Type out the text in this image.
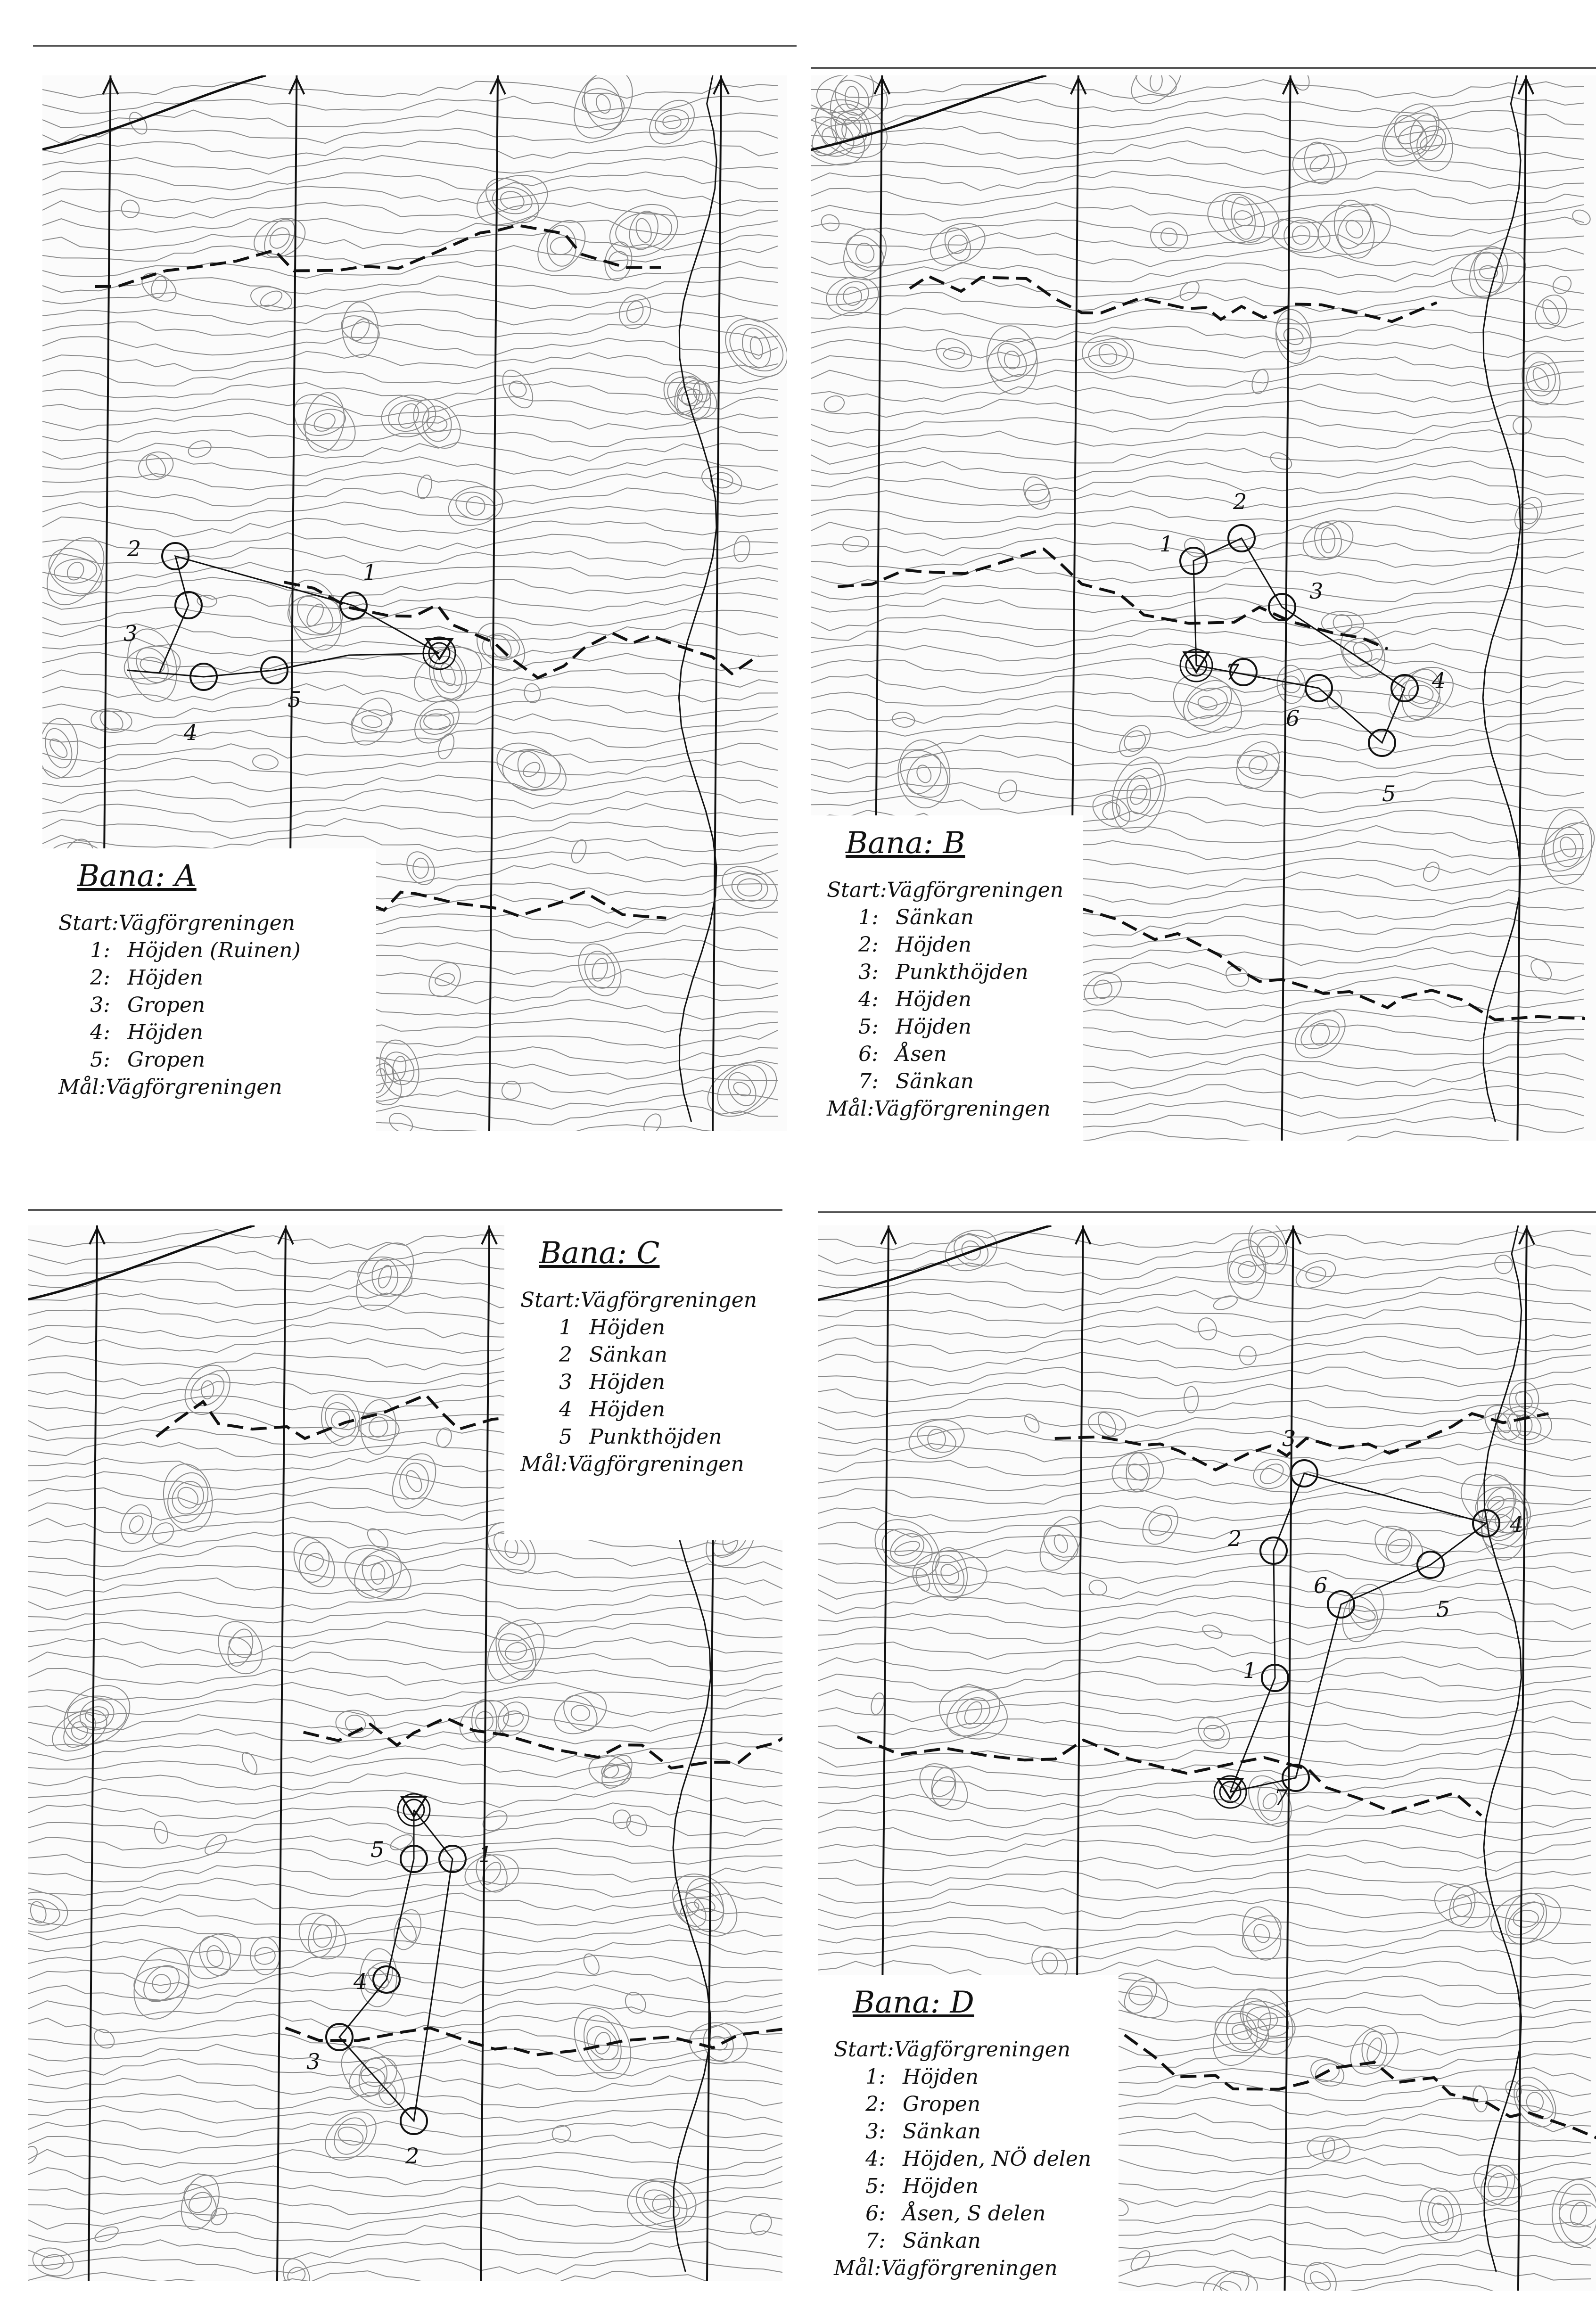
1
2
3
4
5
Bana: A
Start: Vägförgreningen
1: Höjden (Ruinen)
2: Höjden
3: Gropen
4: Höjden
5: Gropen
Mål: Vägförgreningen
1
2
3
4
5
6
7
Bana: B
Start: Vägförgreningen
1: Sänkan
2: Höjden
3: Punkthöjden
4: Höjden
5: Höjden
6: Åsen
7: Sänkan
Mål: Vägförgreningen
1
2
3
4
5
Bana: C
Start: Vägförgreningen
1 Höjden
2 Sänkan
3 Höjden
4 Höjden
5 Punkthöjden
Mål: Vägförgreningen
1
2
3
4
5
6
7
Bana: D
Start: Vägförgreningen
1: Höjden
2: Gropen
3: Sänkan
4: Höjden, NÖ delen
5: Höjden
6: Åsen, S delen
7: Sänkan
Mål: Vägförgreningen
